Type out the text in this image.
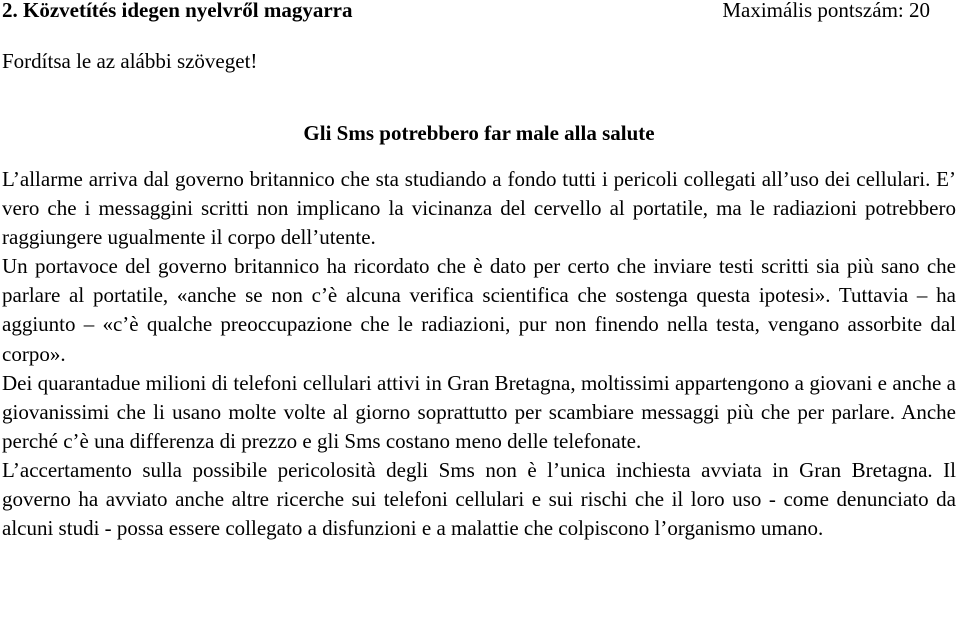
2. Közvetítés idegen nyelvről magyarra	Maximális pontszám: 20
Fordítsa le az alábbi szöveget!
Gli Sms potrebbero far male alla salute

L’allarme arriva dal governo britannico che sta studiando a fondo tutti i pericoli collegati all’uso dei cellulari. E’ vero che i messaggini scritti non implicano la vicinanza del cervello al portatile, ma le radiazioni potrebbero raggiungere ugualmente il corpo dell’utente.

Un portavoce del governo britannico ha ricordato che è dato per certo che inviare testi scritti sia più sano che parlare al portatile, «anche se non c’è alcuna verifica scientifica che sostenga questa ipotesi». Tuttavia – ha aggiunto – «c’è qualche preoccupazione che le radiazioni, pur non finendo nella testa, vengano assorbite dal corpo».

Dei quarantadue milioni di telefoni cellulari attivi in Gran Bretagna, moltissimi appartengono a giovani e anche a giovanissimi che li usano molte volte al giorno soprattutto per scambiare messaggi più che per parlare. Anche perché c’è una differenza di prezzo e gli Sms costano meno delle telefonate.

L’accertamento sulla possibile pericolosità degli Sms non è l’unica inchiesta avviata in Gran Bretagna. Il governo ha avviato anche altre ricerche sui telefoni cellulari e sui rischi che il loro uso - come denunciato da alcuni studi - possa essere collegato a disfunzioni e a malattie che colpiscono l’organismo umano.
